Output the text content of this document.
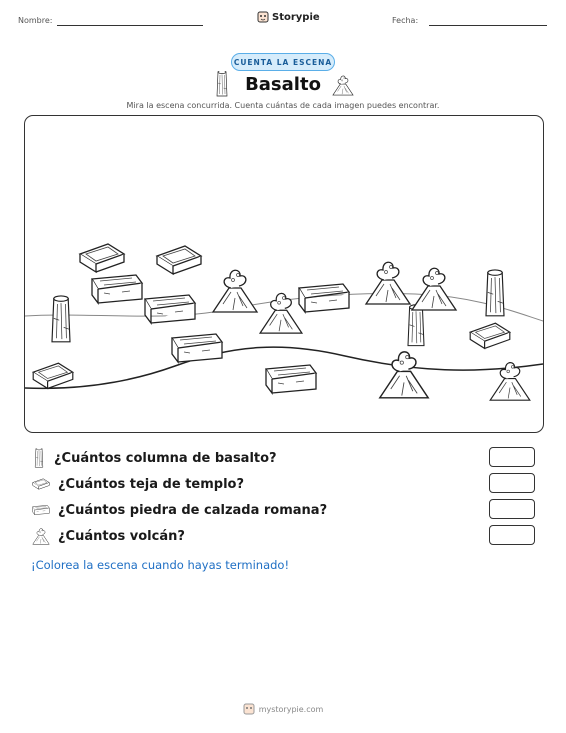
Nombre:	Storypie	Fecha:
CUENTA LA ESCENA
Basalto
Mira la escena concurrida. Cuenta cuántas de cada imagen puedes encontrar.
¿Cuántos columna de basalto?
¿Cuántos teja de templo?
¿Cuántos piedra de calzada romana?
¿Cuántos volcán?
¡Colorea la escena cuando hayas terminado!
mystorypie.com
